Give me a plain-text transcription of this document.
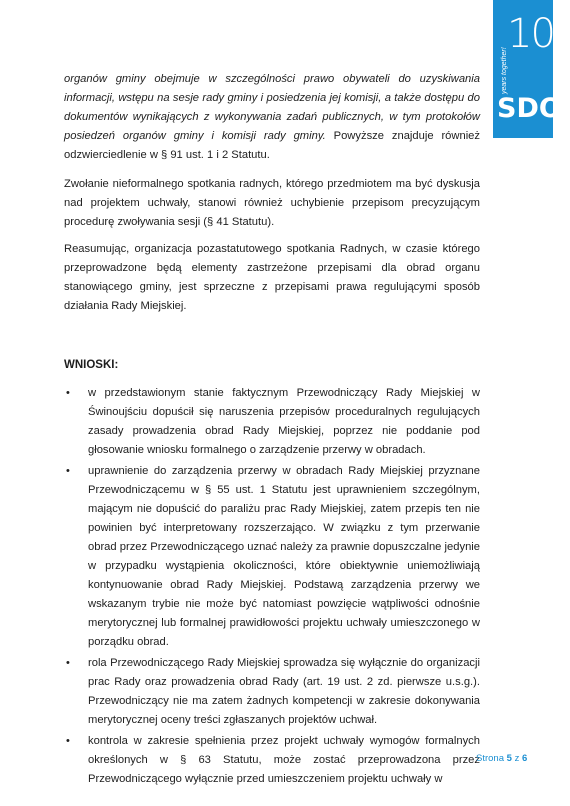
10
years together!
SDO

organów gminy obejmuje w szczególności prawo obywateli do uzyskiwania informacji, wstępu na sesje rady gminy i posiedzenia jej komisji, a także dostępu do dokumentów wynikających z wykonywania zadań publicznych, w tym protokołów posiedzeń organów gminy i komisji rady gminy. Powyższe znajduje również odzwierciedlenie w § 91 ust. 1 i 2 Statutu.

Zwołanie nieformalnego spotkania radnych, którego przedmiotem ma być dyskusja nad projektem uchwały, stanowi również uchybienie przepisom precyzującym procedurę zwoływania sesji (§ 41 Statutu).

Reasumując, organizacja pozastatutowego spotkania Radnych, w czasie którego przeprowadzone będą elementy zastrzeżone przepisami dla obrad organu stanowiącego gminy, jest sprzeczne z przepisami prawa regulującymi sposób działania Rady Miejskiej.

WNIOSKI:
• w przedstawionym stanie faktycznym Przewodniczący Rady Miejskiej w Świnoujściu dopuścił się naruszenia przepisów proceduralnych regulujących zasady prowadzenia obrad Rady Miejskiej, poprzez nie poddanie pod głosowanie wniosku formalnego o zarządzenie przerwy w obradach.
• uprawnienie do zarządzenia przerwy w obradach Rady Miejskiej przyznane Przewodniczącemu w § 55 ust. 1 Statutu jest uprawnieniem szczególnym, mającym nie dopuścić do paraliżu prac Rady Miejskiej, zatem przepis ten nie powinien być interpretowany rozszerzająco. W związku z tym przerwanie obrad przez Przewodniczącego uznać należy za prawnie dopuszczalne jedynie w przypadku wystąpienia okoliczności, które obiektywnie uniemożliwiają kontynuowanie obrad Rady Miejskiej. Podstawą zarządzenia przerwy we wskazanym trybie nie może być natomiast powzięcie wątpliwości odnośnie merytorycznej lub formalnej prawidłowości projektu uchwały umieszczonego w porządku obrad.
• rola Przewodniczącego Rady Miejskiej sprowadza się wyłącznie do organizacji prac Rady oraz prowadzenia obrad Rady (art. 19 ust. 2 zd. pierwsze u.s.g.). Przewodniczący nie ma zatem żadnych kompetencji w zakresie dokonywania merytorycznej oceny treści zgłaszanych projektów uchwał.
• kontrola w zakresie spełnienia przez projekt uchwały wymogów formalnych określonych w § 63 Statutu, może zostać przeprowadzona przez Przewodniczącego wyłącznie przed umieszczeniem projektu uchwały w
Strona 5 z 6
